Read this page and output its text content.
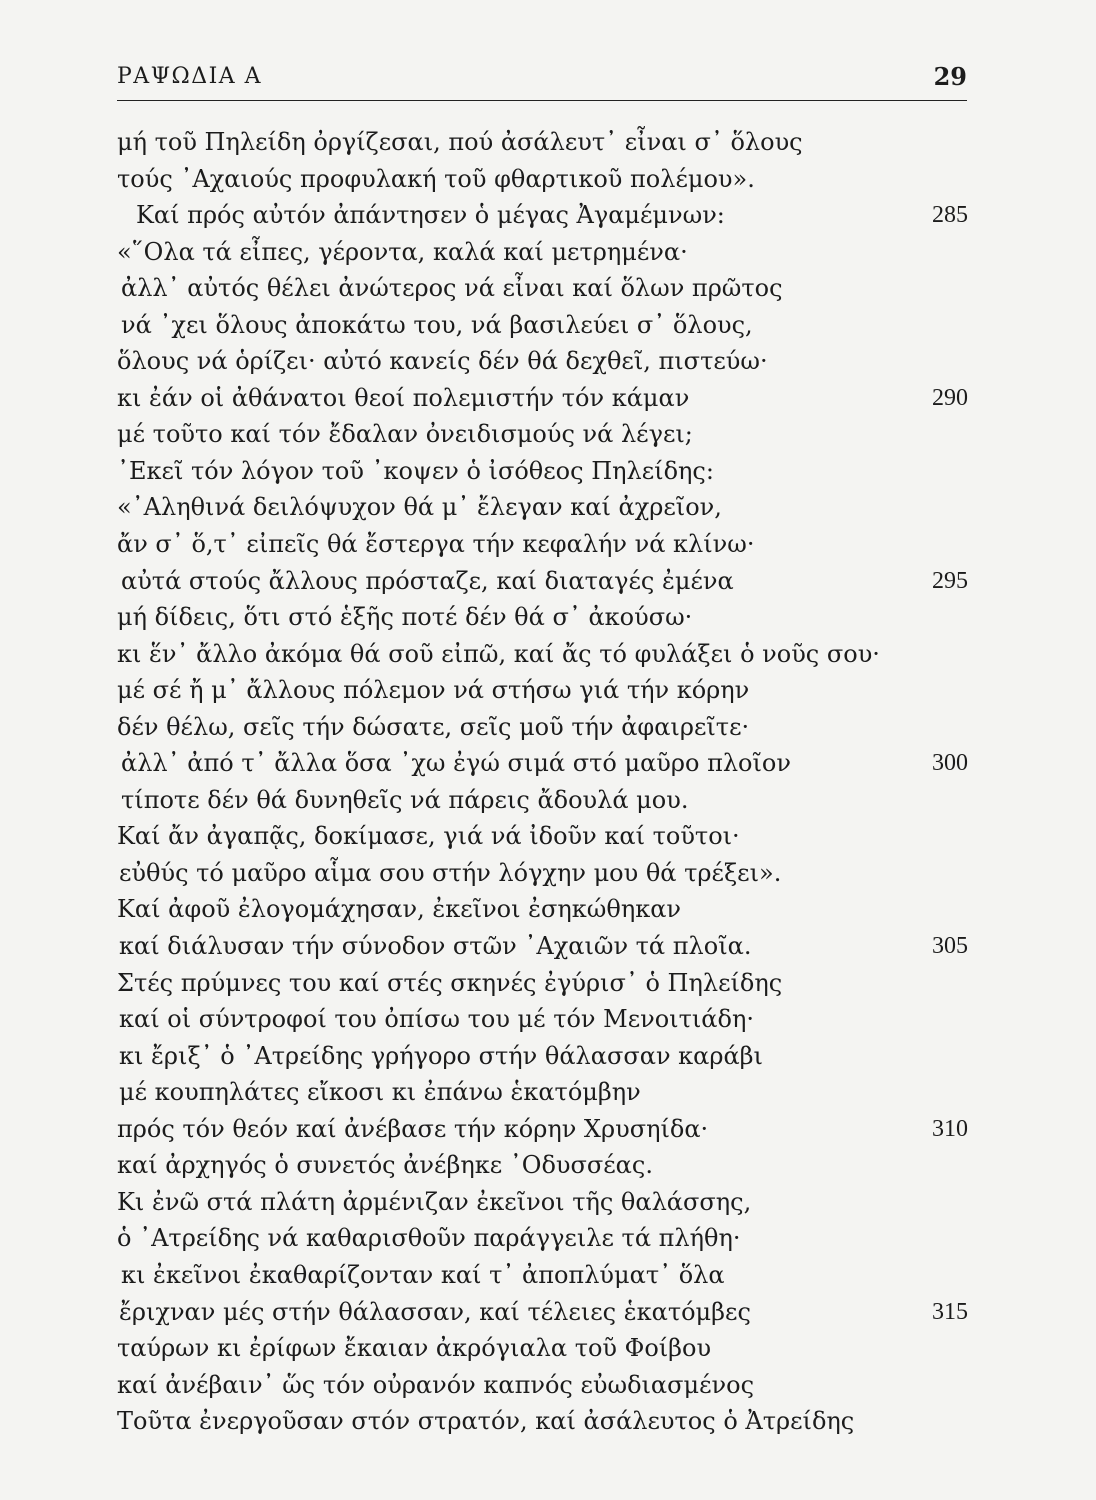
ΡΑΨΩΔΙΑ Α	29
μή τοῦ Πηλείδη ὀργίζεσαι, πού ἀσάλευτ᾽ εἶναι σ᾽ ὅλους
τούς ᾽Αχαιούς προφυλακή τοῦ φθαρτικοῦ πολέμου».
Καί πρός αὐτόν ἀπάντησεν ὁ μέγας Ἀγαμέμνων:	285
«῞Ολα τά εἶπες, γέροντα, καλά καί μετρημένα·
ἀλλ᾽ αὐτός θέλει ἀνώτερος νά εἶναι καί ὅλων πρῶτος
νά ᾽χει ὅλους ἀποκάτω του, νά βασιλεύει σ᾽ ὅλους,
ὅλους νά ὁρίζει· αὐτό κανείς δέν θά δεχθεῖ, πιστεύω·
κι ἐάν οἱ ἀθάνατοι θεοί πολεμιστήν τόν κάμαν	290
μέ τοῦτο καί τόν ἔδαλαν ὀνειδισμούς νά λέγει;
᾽Εκεῖ τόν λόγον τοῦ ᾽κοψεν ὁ ἰσόθεος Πηλείδης:
«᾽Αληθινά δειλόψυχον θά μ᾽ ἔλεγαν καί ἀχρεῖον,
ἄν σ᾽ ὅ,τ᾽ εἰπεῖς θά ἔστεργα τήν κεφαλήν νά κλίνω·
αὐτά στούς ἄλλους πρόσταζε, καί διαταγές ἐμένα	295
μή δίδεις, ὅτι στό ἑξῆς ποτέ δέν θά σ᾽ ἀκούσω·
κι ἕν᾽ ἄλλο ἀκόμα θά σοῦ εἰπῶ, καί ἄς τό φυλάξει ὁ νοῦς σου·
μέ σέ ἤ μ᾽ ἄλλους πόλεμον νά στήσω γιά τήν κόρην
δέν θέλω, σεῖς τήν δώσατε, σεῖς μοῦ τήν ἀφαιρεῖτε·
ἀλλ᾽ ἀπό τ᾽ ἄλλα ὅσα ᾽χω ἐγώ σιμά στό μαῦρο πλοῖον	300
τίποτε δέν θά δυνηθεῖς νά πάρεις ἄδουλά μου.
Καί ἄν ἀγαπᾷς, δοκίμασε, γιά νά ἰδοῦν καί τοῦτοι·
εὐθύς τό μαῦρο αἷμα σου στήν λόγχην μου θά τρέξει».
Καί ἀφοῦ ἐλογομάχησαν, ἐκεῖνοι ἐσηκώθηκαν
καί διάλυσαν τήν σύνοδον στῶν ᾽Αχαιῶν τά πλοῖα.	305
Στές πρύμνες του καί στές σκηνές ἐγύρισ᾽ ὁ Πηλείδης
καί οἱ σύντροφοί του ὀπίσω του μέ τόν Μενοιτιάδη·
κι ἔριξ᾽ ὁ ᾽Ατρείδης γρήγορο στήν θάλασσαν καράβι
μέ κουπηλάτες εἴκοσι κι ἐπάνω ἑκατόμβην
πρός τόν θεόν καί ἀνέβασε τήν κόρην Χρυσηίδα·	310
καί ἀρχηγός ὁ συνετός ἀνέβηκε ᾽Οδυσσέας.
Κι ἐνῶ στά πλάτη ἀρμένιζαν ἐκεῖνοι τῆς θαλάσσης,
ὁ ᾽Ατρείδης νά καθαρισθοῦν παράγγειλε τά πλήθη·
κι ἐκεῖνοι ἐκαθαρίζονταν καί τ᾽ ἀποπλύματ᾽ ὅλα
ἔριχναν μές στήν θάλασσαν, καί τέλειες ἑκατόμβες	315
ταύρων κι ἐρίφων ἔκαιαν ἀκρόγιαλα τοῦ Φοίβου
καί ἀνέβαιν᾽ ὥς τόν οὐρανόν καπνός εὐωδιασμένος
Τοῦτα ἐνεργοῦσαν στόν στρατόν, καί ἀσάλευτος ὁ Ἀτρείδης
